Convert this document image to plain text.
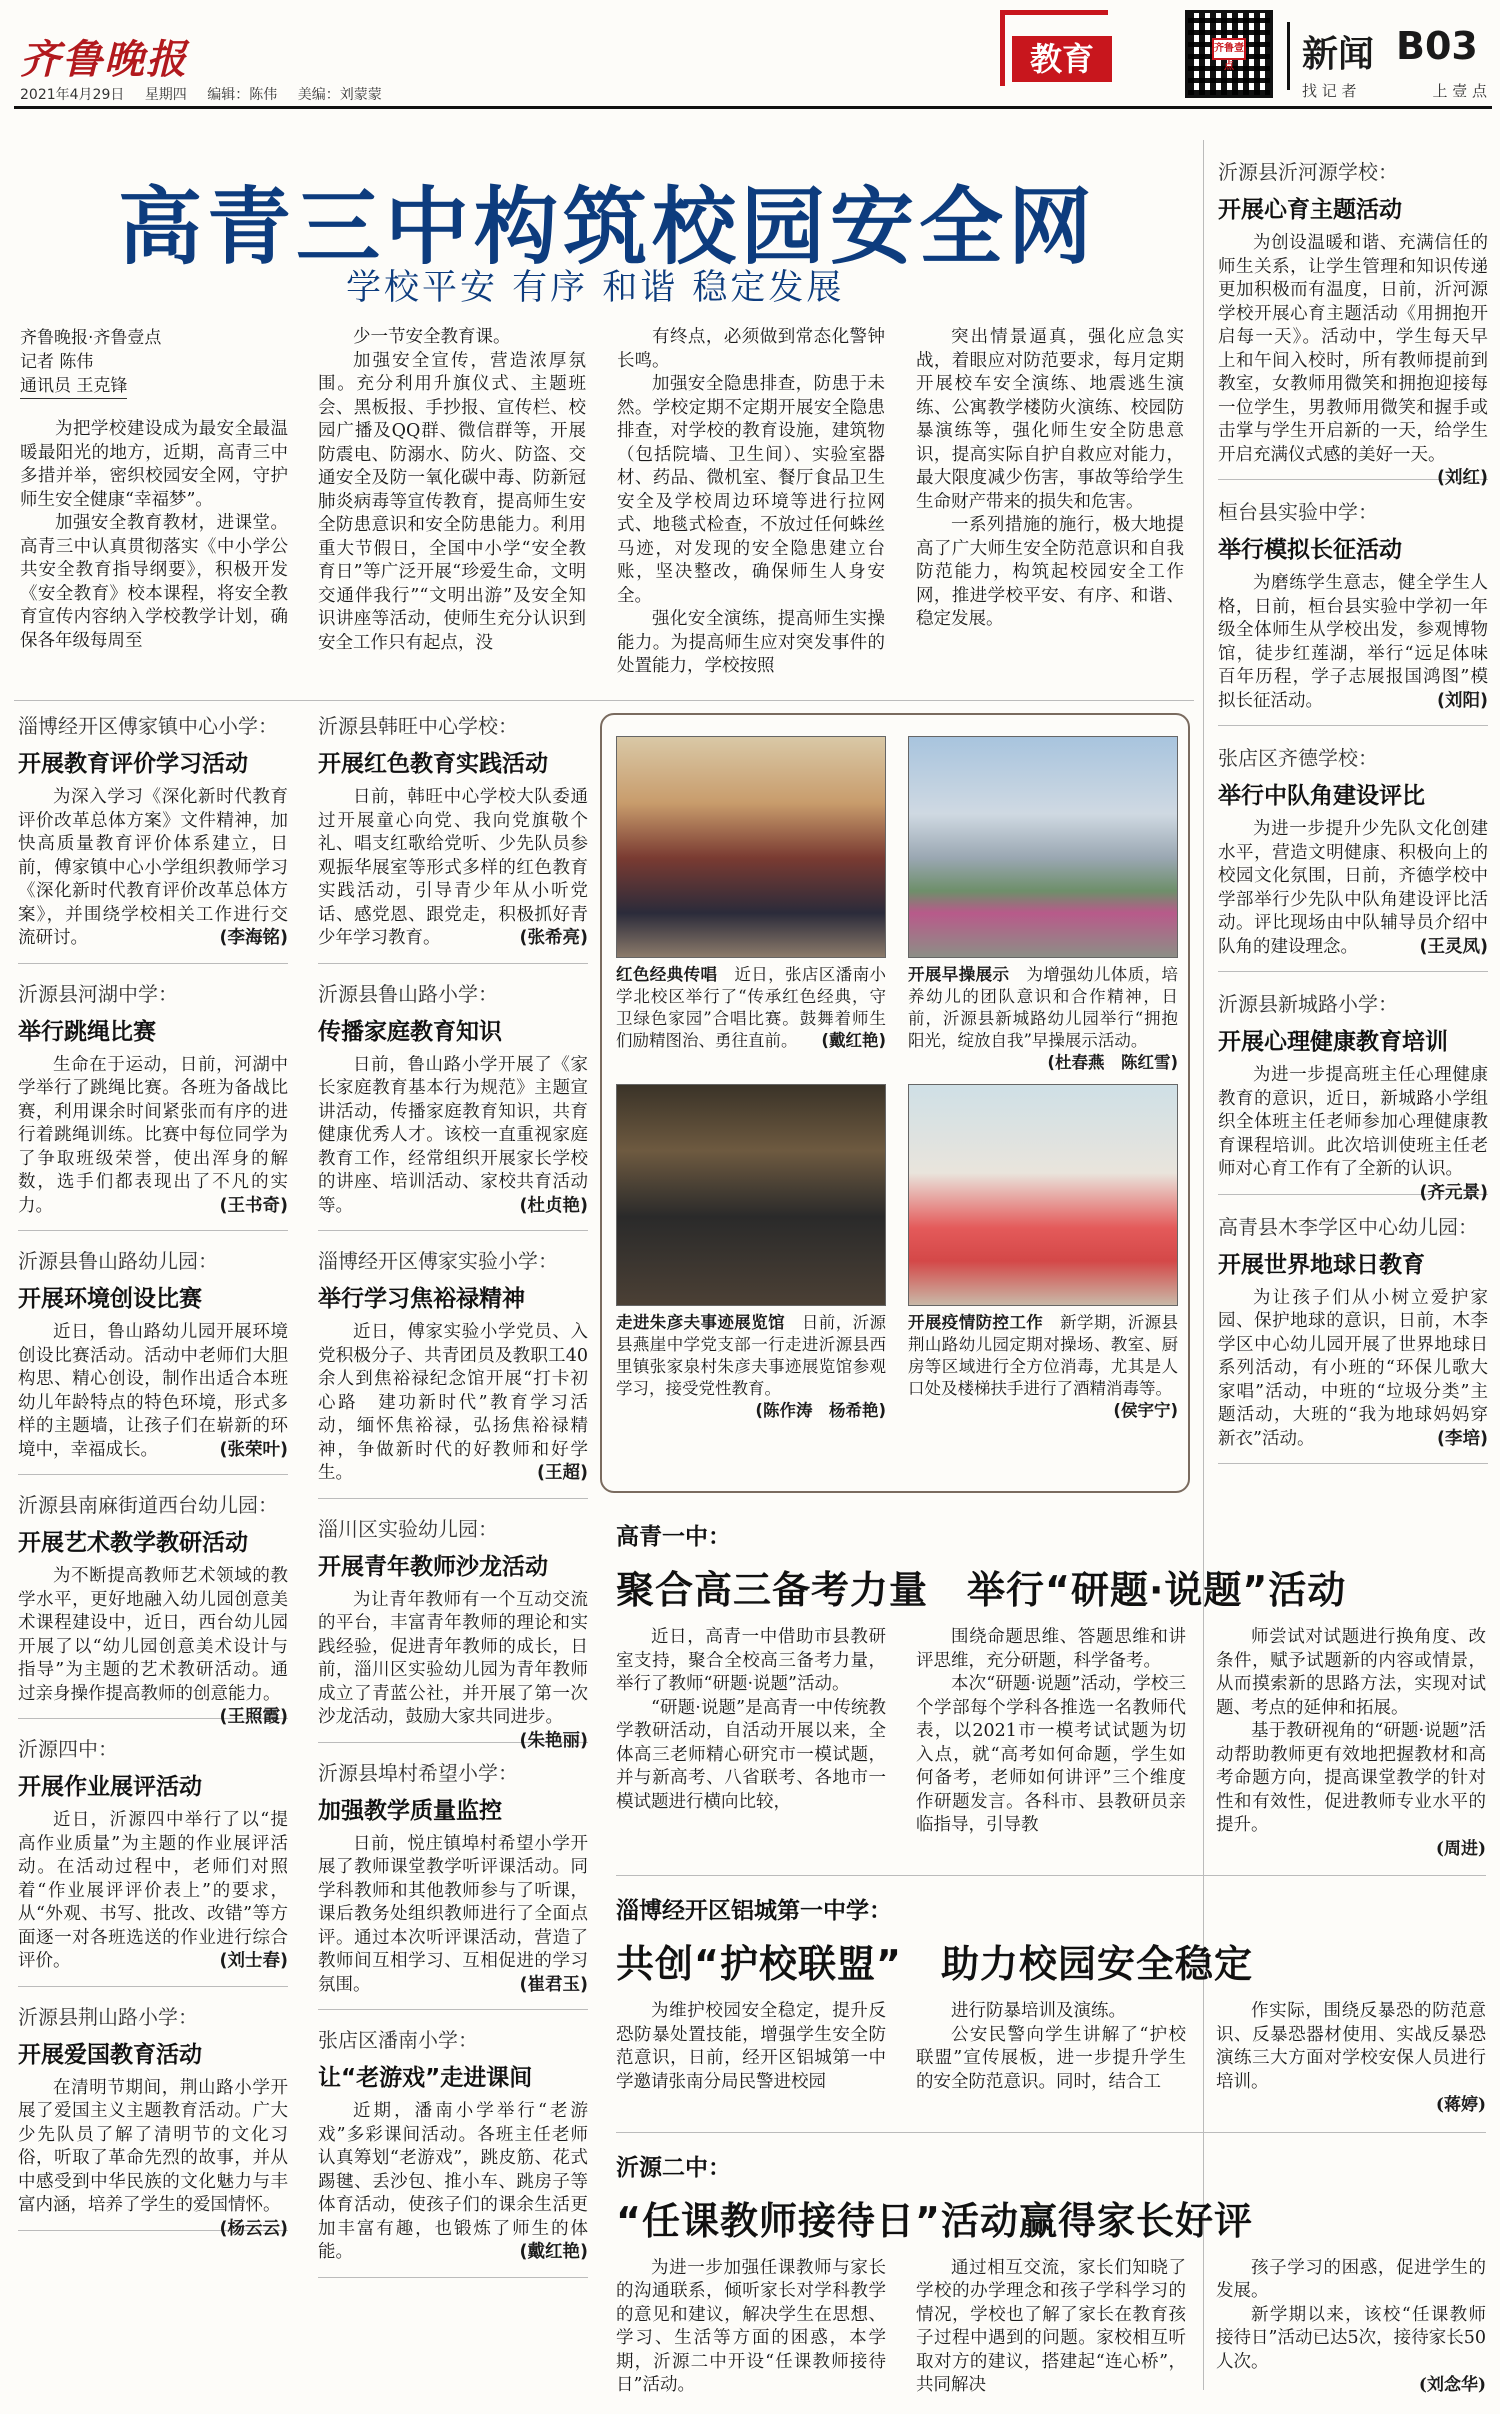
齐鲁晚报
2021年4月29日 星期四 编辑：陈伟 美编：刘蒙蒙
教育	齐鲁壹点	新闻 B03
找 记 者	上 壹 点
高青三中构筑校园安全网
学校平安 有序 和谐 稳定发展
齐鲁晚报·齐鲁壹点
记者 陈伟
通讯员 王克锋

为把学校建设成为最安全最温暖最阳光的地方，近期，高青三中多措并举，密织校园安全网，守护师生安全健康“幸福梦”。

加强安全教育教材，进课堂。高青三中认真贯彻落实《中小学公共安全教育指导纲要》，积极开发《安全教育》校本课程，将安全教育宣传内容纳入学校教学计划，确保各年级每周至

少一节安全教育课。

加强安全宣传，营造浓厚氛围。充分利用升旗仪式、主题班会、黑板报、手抄报、宣传栏、校园广播及QQ群、微信群等，开展防震电、防溺水、防火、防盗、交通安全及防一氧化碳中毒、防新冠肺炎病毒等宣传教育，提高师生安全防患意识和安全防患能力。利用重大节假日，全国中小学“安全教育日”等广泛开展“珍爱生命，文明交通伴我行”“文明出游”及安全知识讲座等活动，使师生充分认识到安全工作只有起点，没

有终点，必须做到常态化警钟长鸣。

加强安全隐患排查，防患于未然。学校定期不定期开展安全隐患排查，对学校的教育设施，建筑物（包括院墙、卫生间）、实验室器材、药品、微机室、餐厅食品卫生安全及学校周边环境等进行拉网式、地毯式检查，不放过任何蛛丝马迹，对发现的安全隐患建立台账，坚决整改，确保师生人身安全。

强化安全演练，提高师生实操能力。为提高师生应对突发事件的处置能力，学校按照

突出情景逼真，强化应急实战，着眼应对防范要求，每月定期开展校车安全演练、地震逃生演练、公寓教学楼防火演练、校园防暴演练等，强化师生安全防患意识，提高实际自护自救应对能力，最大限度减少伤害，事故等给学生生命财产带来的损失和危害。

一系列措施的施行，极大地提高了广大师生安全防范意识和自我防范能力，构筑起校园安全工作网，推进学校平安、有序、和谐、稳定发展。

淄博经开区傅家镇中心小学：
开展教育评价学习活动

为深入学习《深化新时代教育评价改革总体方案》文件精神，加快高质量教育评价体系建立，日前，傅家镇中心小学组织教师学习《深化新时代教育评价改革总体方案》，并围绕学校相关工作进行交流研讨。	(李海铭)

沂源县河湖中学：
举行跳绳比赛

生命在于运动，日前，河湖中学举行了跳绳比赛。各班为备战比赛，利用课余时间紧张而有序的进行着跳绳训练。比赛中每位同学为了争取班级荣誉，使出浑身的解数，选手们都表现出了不凡的实力。	(王书奇)

沂源县鲁山路幼儿园：
开展环境创设比赛

近日，鲁山路幼儿园开展环境创设比赛活动。活动中老师们大胆构思、精心创设，制作出适合本班幼儿年龄特点的特色环境，形式多样的主题墙，让孩子们在崭新的环境中，幸福成长。	(张荣叶)

沂源县南麻街道西台幼儿园：
开展艺术教学教研活动

为不断提高教师艺术领域的教学水平，更好地融入幼儿园创意美术课程建设中，近日，西台幼儿园开展了以“幼儿园创意美术设计与指导”为主题的艺术教研活动。通过亲身操作提高教师的创意能力。
(王照霞)

沂源四中：
开展作业展评活动

近日，沂源四中举行了以“提高作业质量”为主题的作业展评活动。在活动过程中，老师们对照着“作业展评评价表上”的要求，从“外观、书写、批改、改错”等方面逐一对各班选送的作业进行综合评价。	(刘士春)

沂源县荆山路小学：
开展爱国教育活动

在清明节期间，荆山路小学开展了爱国主义主题教育活动。广大少先队员了解了清明节的文化习俗，听取了革命先烈的故事，并从中感受到中华民族的文化魅力与丰富内涵，培养了学生的爱国情怀。
(杨云云)

沂源县韩旺中心学校：
开展红色教育实践活动

日前，韩旺中心学校大队委通过开展童心向党、我向党旗敬个礼、唱支红歌给党听、少先队员参观振华展室等形式多样的红色教育实践活动，引导青少年从小听党话、感党恩、跟党走，积极抓好青少年学习教育。	(张希亮)

沂源县鲁山路小学：
传播家庭教育知识

日前，鲁山路小学开展了《家长家庭教育基本行为规范》主题宣讲活动，传播家庭教育知识，共育健康优秀人才。该校一直重视家庭教育工作，经常组织开展家长学校的讲座、培训活动、家校共育活动等。	(杜贞艳)

淄博经开区傅家实验小学：
举行学习焦裕禄精神

近日，傅家实验小学党员、入党积极分子、共青团员及教职工40余人到焦裕禄纪念馆开展“打卡初心路　建功新时代”教育学习活动，缅怀焦裕禄，弘扬焦裕禄精神，争做新时代的好教师和好学生。	(王超)

淄川区实验幼儿园：
开展青年教师沙龙活动

为让青年教师有一个互动交流的平台，丰富青年教师的理论和实践经验，促进青年教师的成长，日前，淄川区实验幼儿园为青年教师成立了青蓝公社，并开展了第一次沙龙活动，鼓励大家共同进步。
(朱艳丽)

沂源县埠村希望小学：
加强教学质量监控

日前，悦庄镇埠村希望小学开展了教师课堂教学听评课活动。同学科教师和其他教师参与了听课，课后教务处组织教师进行了全面点评。通过本次听评课活动，营造了教师间互相学习、互相促进的学习氛围。	(崔君玉)

张店区潘南小学：
让“老游戏”走进课间

近期，潘南小学举行“老游戏”多彩课间活动。各班主任老师认真筹划“老游戏”，跳皮筋、花式踢毽、丢沙包、推小车、跳房子等体育活动，使孩子们的课余生活更加丰富有趣，也锻炼了师生的体能。	(戴红艳)

红色经典传唱　近日，张店区潘南小学北校区举行了“传承红色经典，守卫绿色家园”合唱比赛。鼓舞着师生们励精图治、勇往直前。 (戴红艳)
开展早操展示　为增强幼儿体质，培养幼儿的团队意识和合作精神，日前，沂源县新城路幼儿园举行“拥抱阳光，绽放自我”早操展示活动。
(杜春燕　陈红雪)
走进朱彦夫事迹展览馆　日前，沂源县燕崖中学党支部一行走进沂源县西里镇张家泉村朱彦夫事迹展览馆参观学习，接受党性教育。
(陈作涛　杨希艳)
开展疫情防控工作　新学期，沂源县荆山路幼儿园定期对操场、教室、厨房等区域进行全方位消毒，尤其是人口处及楼梯扶手进行了酒精消毒等。
(侯宇宁)
沂源县沂河源学校：
开展心育主题活动

为创设温暖和谐、充满信任的师生关系，让学生管理和知识传递更加积极而有温度，日前，沂河源学校开展心育主题活动《用拥抱开启每一天》。活动中，学生每天早上和午间入校时，所有教师提前到教室，女教师用微笑和拥抱迎接每一位学生，男教师用微笑和握手或击掌与学生开启新的一天，给学生开启充满仪式感的美好一天。
(刘红)

桓台县实验中学：
举行模拟长征活动

为磨练学生意志，健全学生人格，日前，桓台县实验中学初一年级全体师生从学校出发，参观博物馆，徒步红莲湖，举行“远足体味百年历程，学子志展报国鸿图”模拟长征活动。	(刘阳)

张店区齐德学校：
举行中队角建设评比

为进一步提升少先队文化创建水平，营造文明健康、积极向上的校园文化氛围，日前，齐德学校中学部举行少先队中队角建设评比活动。评比现场由中队辅导员介绍中队角的建设理念。	(王灵凤)

沂源县新城路小学：
开展心理健康教育培训

为进一步提高班主任心理健康教育的意识，近日，新城路小学组织全体班主任老师参加心理健康教育课程培训。此次培训使班主任老师对心育工作有了全新的认识。
(齐元景)

高青县木李学区中心幼儿园：
开展世界地球日教育

为让孩子们从小树立爱护家园、保护地球的意识，日前，木李学区中心幼儿园开展了世界地球日系列活动，有小班的“环保儿歌大家唱”活动，中班的“垃圾分类”主题活动，大班的“我为地球妈妈穿新衣”活动。	(李培)

高青一中：
聚合高三备考力量　举行“研题·说题”活动

近日，高青一中借助市县教研室支持，聚合全校高三备考力量，举行了教师“研题·说题”活动。

“研题·说题”是高青一中传统教学教研活动，自活动开展以来，全体高三老师精心研究市一模试题，并与新高考、八省联考、各地市一模试题进行横向比较，

围绕命题思维、答题思维和讲评思维，充分研题，科学备考。

本次“研题·说题”活动，学校三个学部每个学科各推选一名教师代表，以2021市一模考试试题为切入点，就“高考如何命题，学生如何备考，老师如何讲评”三个维度作研题发言。各科市、县教研员亲临指导，引导教

师尝试对试题进行换角度、改条件，赋予试题新的内容或情景，从而摸索新的思路方法，实现对试题、考点的延伸和拓展。

基于教研视角的“研题·说题”活动帮助教师更有效地把握教材和高考命题方向，提高课堂教学的针对性和有效性，促进教师专业水平的提升。

(周进)
淄博经开区铝城第一中学：
共创“护校联盟”　助力校园安全稳定

为维护校园安全稳定，提升反恐防暴处置技能，增强学生安全防范意识，日前，经开区铝城第一中学邀请张南分局民警进校园

进行防暴培训及演练。

公安民警向学生讲解了“护校联盟”宣传展板，进一步提升学生的安全防范意识。同时，结合工

作实际，围绕反暴恐的防范意识、反暴恐器材使用、实战反暴恐演练三大方面对学校安保人员进行培训。

(蒋婷)
沂源二中：
“任课教师接待日”活动赢得家长好评

为进一步加强任课教师与家长的沟通联系，倾听家长对学科教学的意见和建议，解决学生在思想、学习、生活等方面的困惑，本学期，沂源二中开设“任课教师接待日”活动。

通过相互交流，家长们知晓了学校的办学理念和孩子学科学习的情况，学校也了解了家长在教育孩子过程中遇到的问题。家校相互听取对方的建议，搭建起“连心桥”，共同解决

孩子学习的困惑，促进学生的发展。

新学期以来，该校“任课教师接待日”活动已达5次，接待家长50人次。

(刘念华)
